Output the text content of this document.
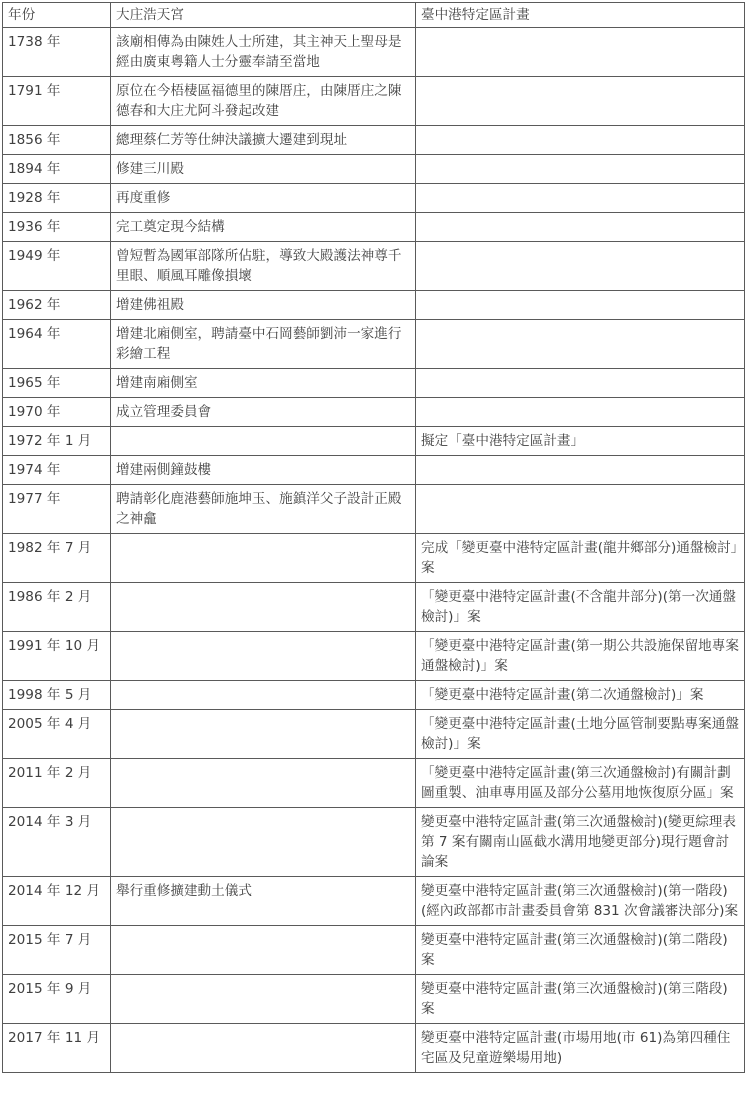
年份	大庄浩天宮	臺中港特定區計畫
1738 年	該廟相傳為由陳姓人士所建，其主神天上聖母是經由廣東粵籍人士分靈奉請至當地	
1791 年	原位在今梧棲區福德里的陳厝庄，由陳厝庄之陳德春和大庄尤阿斗發起改建	
1856 年	總理蔡仁芳等仕紳決議擴大遷建到現址	
1894 年	修建三川殿	
1928 年	再度重修	
1936 年	完工奠定現今結構	
1949 年	曾短暫為國軍部隊所佔駐，導致大殿護法神尊千里眼、順風耳雕像損壞	
1962 年	增建佛祖殿	
1964 年	增建北廂側室，聘請臺中石岡藝師劉沛一家進行彩繪工程	
1965 年	增建南廂側室	
1970 年	成立管理委員會	
1972 年 1 月		擬定「臺中港特定區計畫」
1974 年	增建兩側鐘鼓樓	
1977 年	聘請彰化鹿港藝師施坤玉、施鎮洋父子設計正殿之神龕	
1982 年 7 月		完成「變更臺中港特定區計畫(龍井鄉部分)通盤檢討」案
1986 年 2 月		「變更臺中港特定區計畫(不含龍井部分)(第一次通盤檢討)」案
1991 年 10 月		「變更臺中港特定區計畫(第一期公共設施保留地專案通盤檢討)」案
1998 年 5 月		「變更臺中港特定區計畫(第二次通盤檢討)」案
2005 年 4 月		「變更臺中港特定區計畫(土地分區管制要點專案通盤檢討)」案
2011 年 2 月		「變更臺中港特定區計畫(第三次通盤檢討)有關計劃圖重製、油車專用區及部分公墓用地恢復原分區」案
2014 年 3 月		變更臺中港特定區計畫(第三次通盤檢討)(變更綜理表第 7 案有關南山區截水溝用地變更部分)現行題會討論案
2014 年 12 月	舉行重修擴建動土儀式	變更臺中港特定區計畫(第三次通盤檢討)(第一階段)(經內政部都市計畫委員會第 831 次會議審決部分)案
2015 年 7 月		變更臺中港特定區計畫(第三次通盤檢討)(第二階段)案
2015 年 9 月		變更臺中港特定區計畫(第三次通盤檢討)(第三階段)案
2017 年 11 月		變更臺中港特定區計畫(市場用地(市 61)為第四種住宅區及兒童遊樂場用地)
